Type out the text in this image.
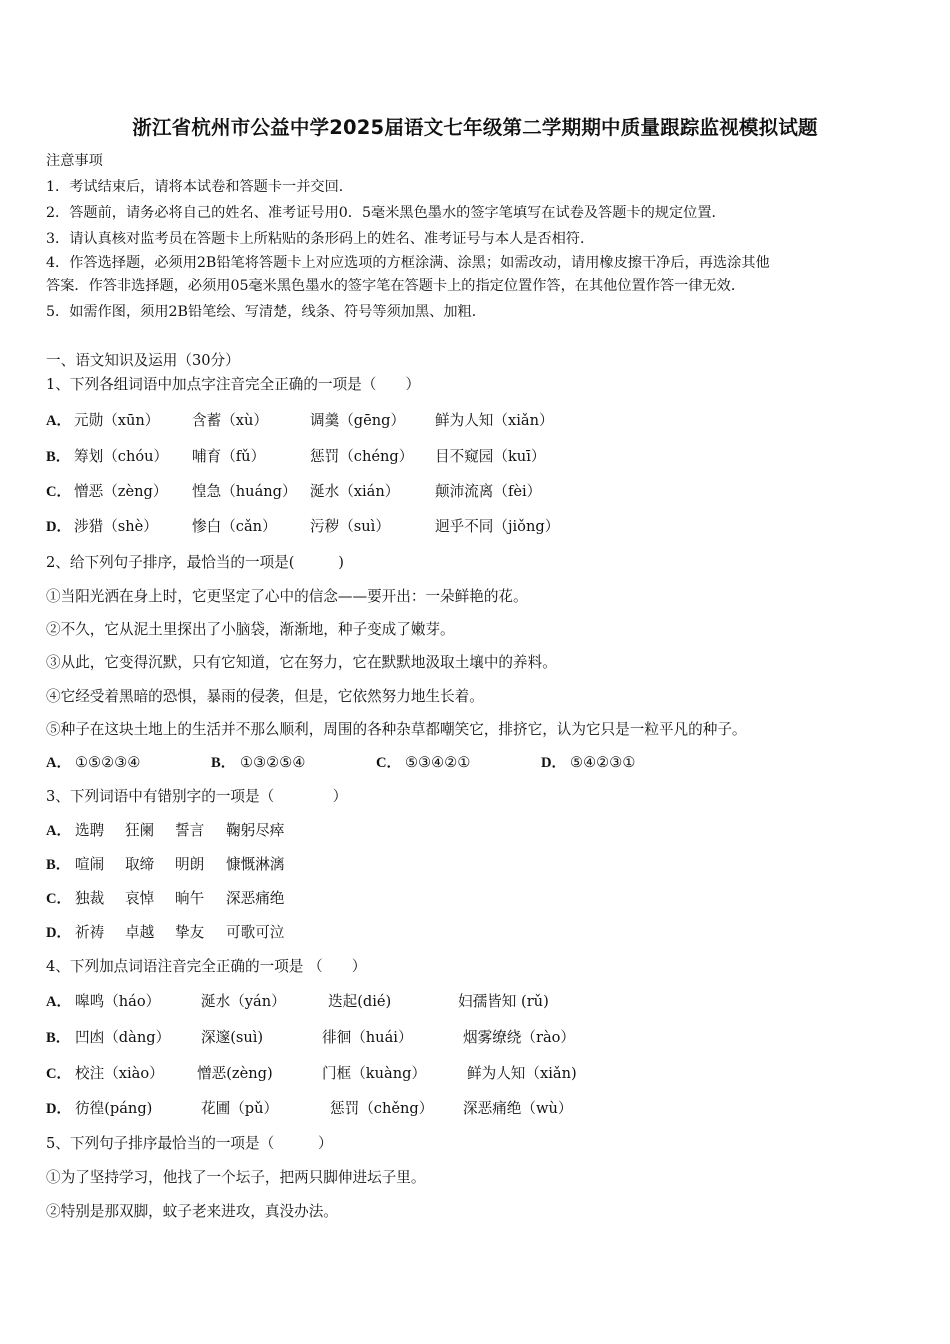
浙江省杭州市公益中学2025届语文七年级第二学期期中质量跟踪监视模拟试题
注意事项
1．考试结束后，请将本试卷和答题卡一并交回．
2．答题前，请务必将自己的姓名、准考证号用0．5毫米黑色墨水的签字笔填写在试卷及答题卡的规定位置．
3．请认真核对监考员在答题卡上所粘贴的条形码上的姓名、准考证号与本人是否相符．
4．作答选择题，必须用2B铅笔将答题卡上对应选项的方框涂满、涂黑；如需改动，请用橡皮擦干净后，再选涂其他
答案．作答非选择题，必须用05毫米黑色墨水的签字笔在答题卡上的指定位置作答，在其他位置作答一律无效．
5．如需作图，须用2B铅笔绘、写清楚，线条、符号等须加黑、加粗．
一、语文知识及运用（30分）
1、下列各组词语中加点字注音完全正确的一项是（　　）
A． 元勋（xūn） 含蓄（xù）	调羹（gēng） 鲜为人知（xiǎn）
B． 筹划（chóu） 哺育（fǔ）	惩罚（chéng） 目不窥园（kuī）
C． 憎恶（zèng） 惶急（huáng） 涎水（xián） 颠沛流离（fèi）
D． 涉猎（shè） 惨白（cǎn） 污秽（suì）	迥乎不同（jiǒng）
2、给下列句子排序，最恰当的一项是(　　　)
①当阳光洒在身上时，它更坚定了心中的信念——要开出：一朵鲜艳的花。
②不久，它从泥土里探出了小脑袋，渐渐地，种子变成了嫩芽。
③从此，它变得沉默，只有它知道，它在努力，它在默默地汲取土壤中的养料。
④它经受着黑暗的恐惧，暴雨的侵袭，但是，它依然努力地生长着。
⑤种子在这块土地上的生活并不那么顺利，周围的各种杂草都嘲笑它，排挤它，认为它只是一粒平凡的种子。
A． ①⑤②③④	B． ①③②⑤④	C． ⑤③④②①	D． ⑤④②③①
3、下列词语中有错别字的一项是（　　　　）
A． 选聘 狂阑 誓言 鞠躬尽瘁
B． 喧闹 取缔 明朗 慷慨淋漓
C． 独裁 哀悼 晌午 深恶痛绝
D． 祈祷 卓越 挚友 可歌可泣
4、下列加点词语注音完全正确的一项是 （　　）
A． 嗥鸣（háo）	涎水（yán）	迭起(dié)	妇孺皆知 (rǔ)
B． 凹凼（dàng） 深邃(suì)	徘徊（huái）	烟雾缭绕（rào）
C． 校注（xiào） 憎恶(zèng)	门框（kuàng）	鲜为人知（xiǎn)
D． 彷徨(páng)	花圃（pǔ）	惩罚（chěng） 深恶痛绝（wù）
5、下列句子排序最恰当的一项是（　　　）
①为了坚持学习，他找了一个坛子，把两只脚伸进坛子里。
②特别是那双脚，蚊子老来进攻，真没办法。
